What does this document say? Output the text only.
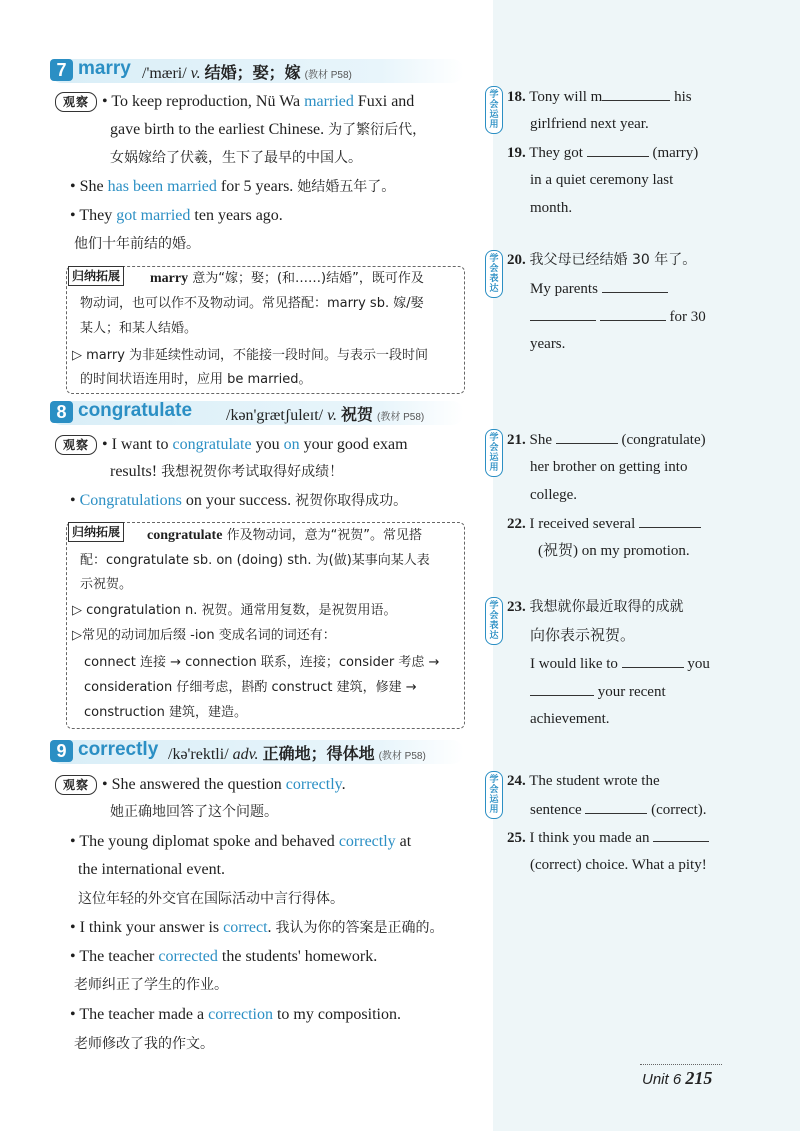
7 marry /'mæri/ v. 结婚；娶；嫁 (教材 P58)
观察 • To keep reproduction, Nü Wa married Fuxi and
gave birth to the earliest Chinese. 为了繁衍后代，
女娲嫁给了伏羲，生下了最早的中国人。
• She has been married for 5 years. 她结婚五年了。
• They got married ten years ago.
他们十年前结的婚。
归纳拓展 marry 意为“嫁；娶；(和……)结婚”，既可作及
物动词，也可以作不及物动词。常见搭配：marry sb. 嫁/娶
某人；和某人结婚。
▷ marry 为非延续性动词，不能接一段时间。与表示一段时间
的时间状语连用时，应用 be married。
8 congratulate /kən'grætʃuleɪt/ v. 祝贺 (教材 P58)
观察 • I want to congratulate you on your good exam
results! 我想祝贺你考试取得好成绩！
• Congratulations on your success. 祝贺你取得成功。
归纳拓展 congratulate 作及物动词，意为“祝贺”。常见搭
配：congratulate sb. on (doing) sth. 为(做)某事向某人表
示祝贺。
▷ congratulation n. 祝贺。通常用复数，是祝贺用语。
▷常见的动词加后缀 -ion 变成名词的词还有：
connect 连接 → connection 联系，连接；consider 考虑 →
consideration 仔细考虑，斟酌 construct 建筑，修建 →
construction 建筑，建造。
9 correctly /kə'rektli/ adv. 正确地；得体地 (教材 P58)
观察 • She answered the question correctly.
她正确地回答了这个问题。
• The young diplomat spoke and behaved correctly at
the international event.
这位年轻的外交官在国际活动中言行得体。
• I think your answer is correct. 我认为你的答案是正确的。
• The teacher corrected the students' homework.
老师纠正了学生的作业。
• The teacher made a correction to my composition.
老师修改了我的作文。
学会运用
18. Tony will m	his
girlfriend next year.
19. They got	(marry)
in a quiet ceremony last
month.
学会表达
20. 我父母已经结婚 30 年了。
My parents
for 30
years.
学会运用
21. She	(congratulate)
her brother on getting into
college.
22. I received several
(祝贺) on my promotion.
学会表达
23. 我想就你最近取得的成就
向你表示祝贺。
I would like to	you
your recent
achievement.
学会运用
24. The student wrote the
sentence	(correct).
25. I think you made an
(correct) choice. What a pity!
Unit 6 215
